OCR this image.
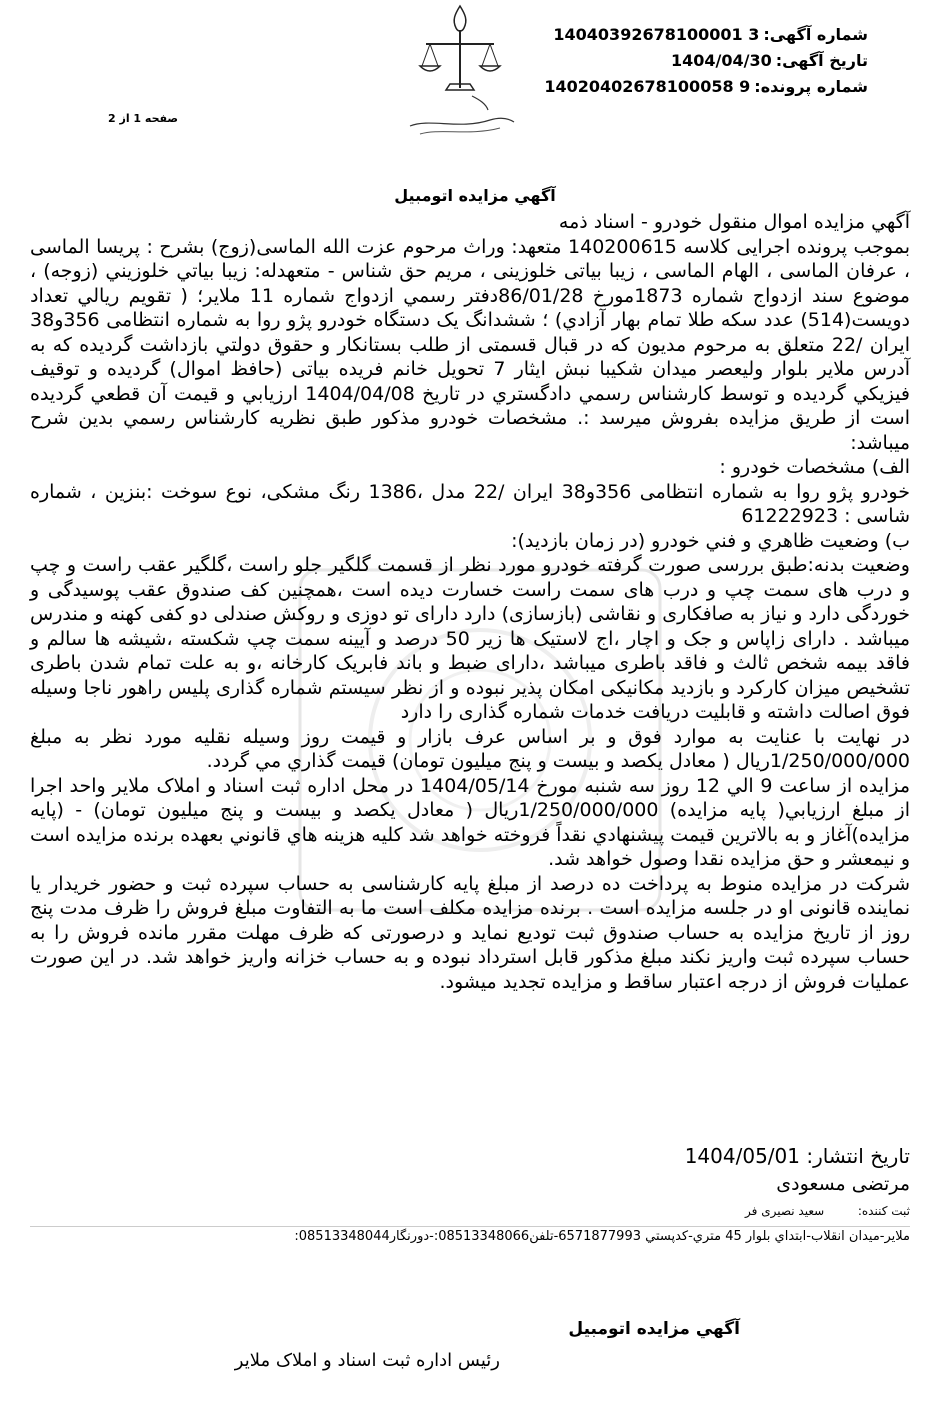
شماره آگهی:
14040392678100001 3
تاریخ آگهی:
1404/04/30
شماره پرونده:
14020402678100058 9
صفحه 1 از 2
آگهي مزايده اتومبيل

آگهي مزايده اموال منقول خودرو - اسناد ذمه

بموجب پرونده اجرایی کلاسه 140200615 متعهد: وراث مرحوم عزت الله الماسی(زوج) بشرح : پریسا الماسی ، عرفان الماسی ، الهام الماسی ، زیبا بیاتی خلوزینی ، مریم حق شناس - متعهدله: زيبا بياتي خلوزيني (زوجه) ، موضوع سند ازدواج شماره 1873مورخ 86/01/28دفتر رسمي ازدواج شماره 11 ملاير؛ ( تقويم ريالي تعداد دويست(514) عدد سكه طلا تمام بهار آزادي) ؛ ششدانگ یک دستگاه خودرو پژو روا به شماره انتظامی 356و38 ایران /22 متعلق به مرحوم مدیون که در قبال قسمتی از طلب بستانكار و حقوق دولتي بازداشت گردیده که به آدرس ملایر بلوار ولیعصر میدان شکیبا نبش ایثار 7 تحویل خانم فریده بیاتی (حافظ اموال) گرديده و توقيف فيزيكي گرديده و توسط كارشناس رسمي دادگستري در تاريخ 1404/04/08 ارزيابي و قيمت آن قطعي گرديده است از طريق مزايده بفروش ميرسد :. مشخصات خودرو مذكور طبق نظريه كارشناس رسمي بدين شرح ميباشد:

الف) مشخصات خودرو :

خودرو پژو روا به شماره انتظامی 356و38 ایران /22 مدل ،1386 رنگ مشکی، نوع سوخت :بنزین ، شماره شاسی : 61222923

ب) وضعيت ظاهري و فني خودرو (در زمان بازديد):

وضعيت بدنه:طبق بررسی صورت گرفته خودرو مورد نظر از قسمت گلگیر جلو راست ،گلگیر عقب راست و چپ و درب های سمت چپ و درب های سمت راست خسارت دیده است ،همچنین کف صندوق عقب پوسیدگی و خوردگی دارد و نیاز به صافکاری و نقاشی (بازسازی) دارد دارای تو دوزی و روکش صندلی دو کفی کهنه و مندرس میباشد . دارای زاپاس و جک و اچار ،اج لاستیک ها زیر 50 درصد و آیینه سمت چپ شکسته ،شیشه ها سالم و فاقد بیمه شخص ثالث و فاقد باطری میباشد ،دارای ضبط و باند فابریک کارخانه ،و به علت تمام شدن باطری تشخیص میزان کارکرد و بازدید مکانیکی امکان پذیر نبوده و از نظر سیستم شماره گذاری پلیس راهور ناجا وسیله فوق اصالت داشته و قابلیت دریافت خدمات شماره گذاری را دارد

در نهایت با عنایت به موارد فوق و بر اساس عرف بازار و قیمت روز وسیله نقلیه مورد نظر به مبلغ 1/250/000/000ریال ( معادل یکصد و بیست و پنج میلیون تومان) قيمت گذاري مي گردد.

مزايده از ساعت 9 الي 12 روز سه شنبه مورخ 1404/05/14 در محل اداره ثبت اسناد و املاک ملاير واحد اجرا از مبلغ ارزيابي( پايه مزايده) 1/250/000/000ريال ( معادل يكصد و بيست و پنج ميليون تومان) - (پايه مزايده)آغاز و به بالاترين قيمت پيشنهادي نقداً فروخته خواهد شد كليه هزينه هاي قانوني بعهده برنده مزايده است و نيمعشر و حق مزايده نقدا وصول خواهد شد.

شركت در مزايده منوط به پرداخت ده درصد از مبلغ پايه كارشناسی به حساب سپرده ثبت و حضور خريدار يا نماينده قانونی او در جلسه مزايده است . برنده مزايده مكلف است ما به التفاوت مبلغ فروش را ظرف مدت پنج روز از تاريخ مزايده به حساب صندوق ثبت توديع نمايد و درصورتی كه ظرف مهلت مقرر مانده فروش را به حساب سپرده ثبت واريز نكند مبلغ مذكور قابل استرداد نبوده و به حساب خزانه واريز خواهد شد. در اين صورت عمليات فروش از درجه اعتبار ساقط و مزايده تجديد ميشود.

تاريخ انتشار: 1404/05/01
مرتضی مسعودی
ثبت کننده:  سعید نصیری فر
ملاير-ميدان انقلاب-ابتداي بلوار 45 متري-کدپستي 6571877993-تلفن08513348066:-دورنگار08513348044:
آگهي مزايده اتومبيل
رئیس اداره ثبت اسناد و املاک ملاير
